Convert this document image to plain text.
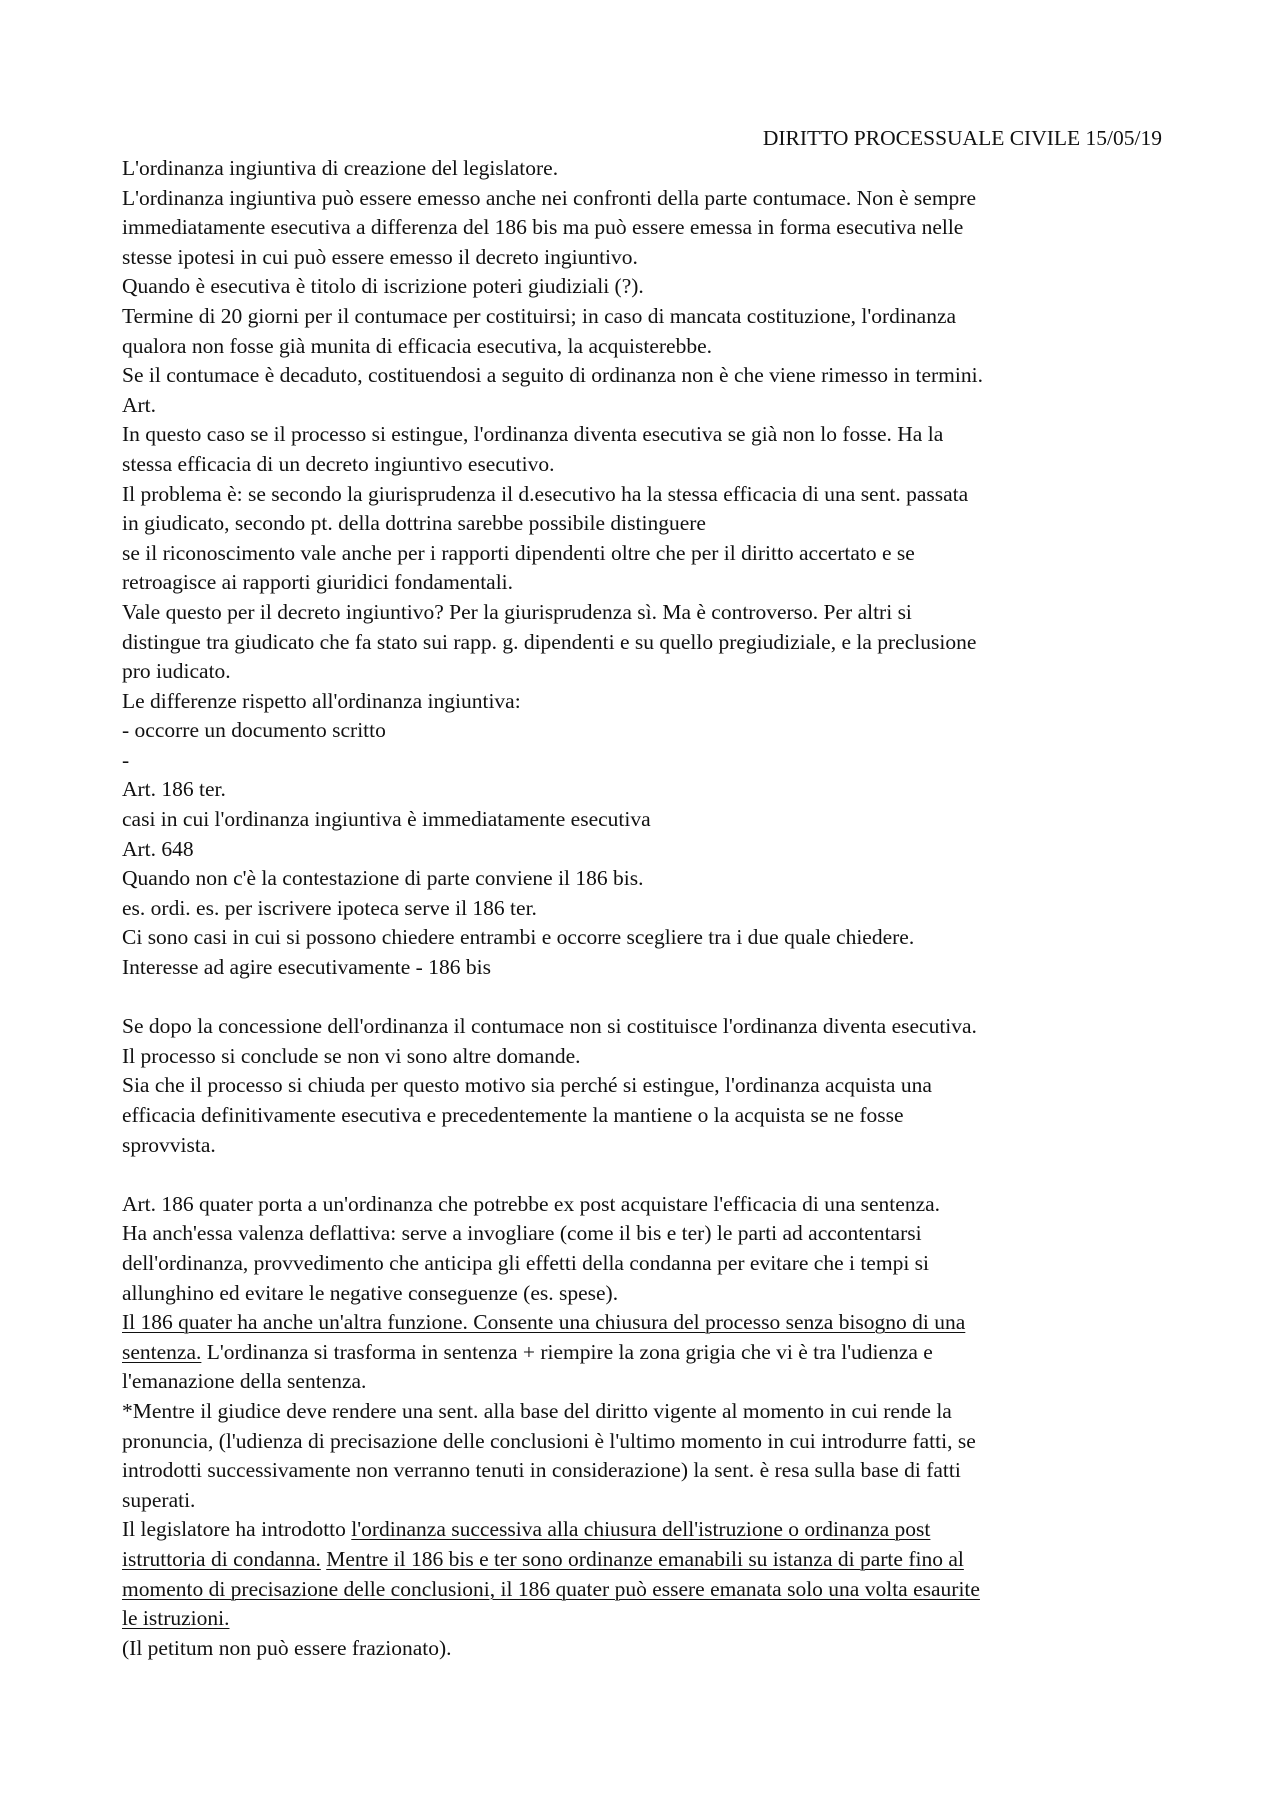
DIRITTO PROCESSUALE CIVILE 15/05/19
L'ordinanza ingiuntiva di creazione del legislatore.
L'ordinanza ingiuntiva può essere emesso anche nei confronti della parte contumace. Non è sempre
immediatamente esecutiva a differenza del 186 bis ma può essere emessa in forma esecutiva nelle
stesse ipotesi in cui può essere emesso il decreto ingiuntivo.
Quando è esecutiva è titolo di iscrizione poteri giudiziali (?).
Termine di 20 giorni per il contumace per costituirsi; in caso di mancata costituzione, l'ordinanza
qualora non fosse già munita di efficacia esecutiva, la acquisterebbe.
Se il contumace è decaduto, costituendosi a seguito di ordinanza non è che viene rimesso in termini.
Art.
In questo caso se il processo si estingue, l'ordinanza diventa esecutiva se già non lo fosse. Ha la
stessa efficacia di un decreto ingiuntivo esecutivo.
Il problema è: se secondo la giurisprudenza il d.esecutivo ha la stessa efficacia di una sent. passata
in giudicato, secondo pt. della dottrina sarebbe possibile distinguere
se il riconoscimento vale anche per i rapporti dipendenti oltre che per il diritto accertato e se
retroagisce ai rapporti giuridici fondamentali.
Vale questo per il decreto ingiuntivo? Per la giurisprudenza sì. Ma è controverso. Per altri si
distingue tra giudicato che fa stato sui rapp. g. dipendenti e su quello pregiudiziale, e la preclusione
pro iudicato.
Le differenze rispetto all'ordinanza ingiuntiva:
- occorre un documento scritto
-
Art. 186 ter.
casi in cui l'ordinanza ingiuntiva è immediatamente esecutiva
Art. 648
Quando non c'è la contestazione di parte conviene il 186 bis.
es. ordi. es. per iscrivere ipoteca serve il 186 ter.
Ci sono casi in cui si possono chiedere entrambi e occorre scegliere tra i due quale chiedere.
Interesse ad agire esecutivamente - 186 bis
Se dopo la concessione dell'ordinanza il contumace non si costituisce l'ordinanza diventa esecutiva.
Il processo si conclude se non vi sono altre domande.
Sia che il processo si chiuda per questo motivo sia perché si estingue, l'ordinanza acquista una
efficacia definitivamente esecutiva e precedentemente la mantiene o la acquista se ne fosse
sprovvista.
Art. 186 quater porta a un'ordinanza che potrebbe ex post acquistare l'efficacia di una sentenza.
Ha anch'essa valenza deflattiva: serve a invogliare (come il bis e ter) le parti ad accontentarsi
dell'ordinanza, provvedimento che anticipa gli effetti della condanna per evitare che i tempi si
allunghino ed evitare le negative conseguenze (es. spese).
Il 186 quater ha anche un'altra funzione. Consente una chiusura del processo senza bisogno di una
sentenza. L'ordinanza si trasforma in sentenza + riempire la zona grigia che vi è tra l'udienza e
l'emanazione della sentenza.
*Mentre il giudice deve rendere una sent. alla base del diritto vigente al momento in cui rende la
pronuncia, (l'udienza di precisazione delle conclusioni è l'ultimo momento in cui introdurre fatti, se
introdotti successivamente non verranno tenuti in considerazione) la sent. è resa sulla base di fatti
superati.
Il legislatore ha introdotto l'ordinanza successiva alla chiusura dell'istruzione o ordinanza post
istruttoria di condanna. Mentre il 186 bis e ter sono ordinanze emanabili su istanza di parte fino al
momento di precisazione delle conclusioni, il 186 quater può essere emanata solo una volta esaurite
le istruzioni.
(Il petitum non può essere frazionato).
